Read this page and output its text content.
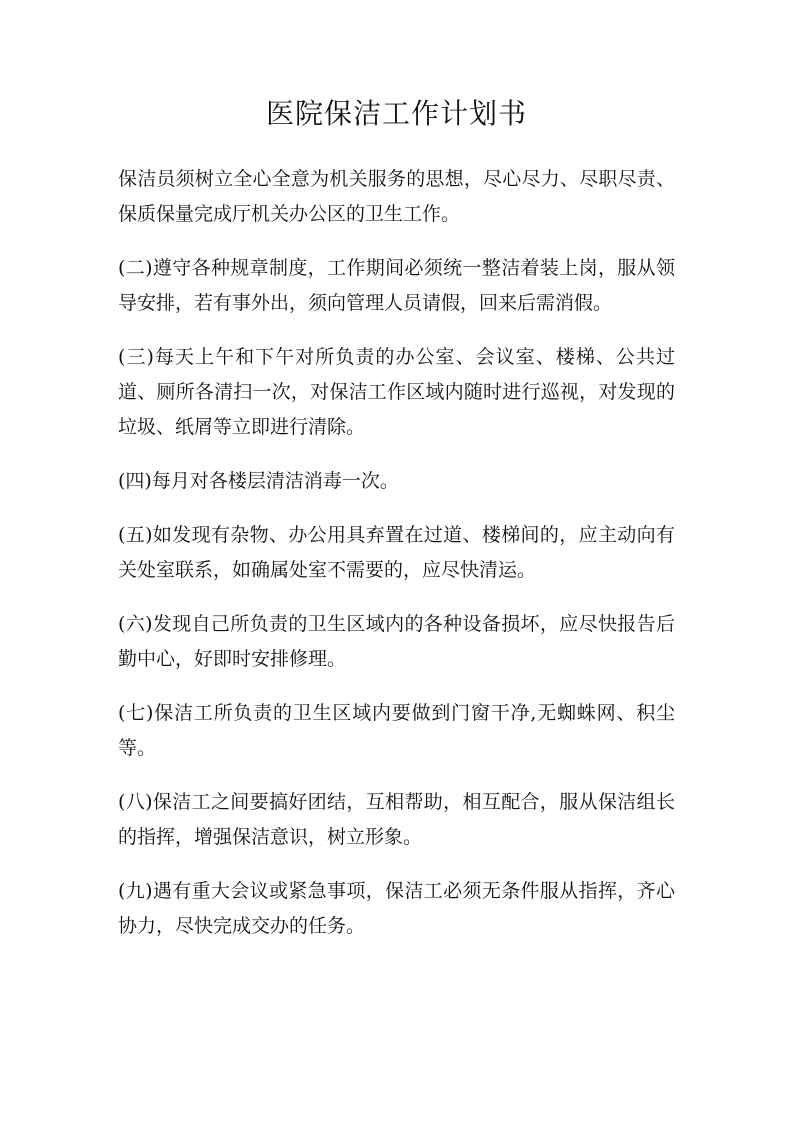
医院保洁工作计划书

保洁员须树立全心全意为机关服务的思想，尽心尽力、尽职尽责、保质保量完成厅机关办公区的卫生工作。

(二)遵守各种规章制度，工作期间必须统一整洁着装上岗，服从领导安排，若有事外出，须向管理人员请假，回来后需消假。

(三)每天上午和下午对所负责的办公室、会议室、楼梯、公共过道、厕所各清扫一次，对保洁工作区域内随时进行巡视，对发现的垃圾、纸屑等立即进行清除。

(四)每月对各楼层清洁消毒一次。

(五)如发现有杂物、办公用具弃置在过道、楼梯间的，应主动向有关处室联系，如确属处室不需要的，应尽快清运。

(六)发现自己所负责的卫生区域内的各种设备损坏，应尽快报告后勤中心，好即时安排修理。

(七)保洁工所负责的卫生区域内要做到门窗干净,无蜘蛛网、积尘等。

(八)保洁工之间要搞好团结，互相帮助，相互配合，服从保洁组长的指挥，增强保洁意识，树立形象。

(九)遇有重大会议或紧急事项，保洁工必须无条件服从指挥，齐心协力，尽快完成交办的任务。
